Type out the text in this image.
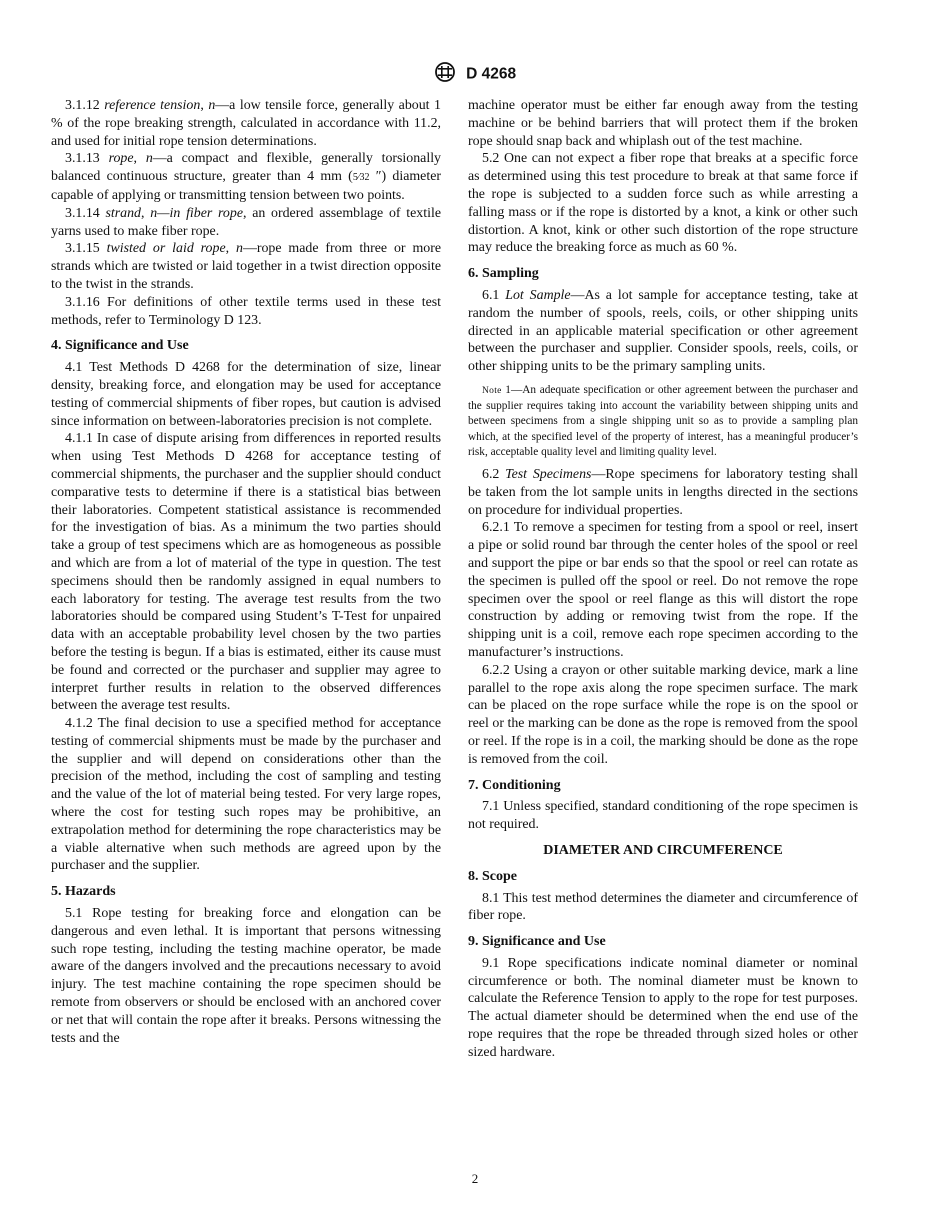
D 4268

3.1.12 reference tension, n—a low tensile force, generally about 1 % of the rope breaking strength, calculated in accordance with 11.2, and used for initial rope tension determinations.

3.1.13 rope, n—a compact and flexible, generally torsionally balanced continuous structure, greater than 4 mm (5⁄32 ″) diameter capable of applying or transmitting tension between two points.

3.1.14 strand, n—in fiber rope, an ordered assemblage of textile yarns used to make fiber rope.

3.1.15 twisted or laid rope, n—rope made from three or more strands which are twisted or laid together in a twist direction opposite to the twist in the strands.

3.1.16 For definitions of other textile terms used in these test methods, refer to Terminology D 123.

4. Significance and Use

4.1 Test Methods D 4268 for the determination of size, linear density, breaking force, and elongation may be used for acceptance testing of commercial shipments of fiber ropes, but caution is advised since information on between-laboratories precision is not complete.

4.1.1 In case of dispute arising from differences in reported results when using Test Methods D 4268 for acceptance testing of commercial shipments, the purchaser and the supplier should conduct comparative tests to determine if there is a statistical bias between their laboratories. Competent statistical assistance is recommended for the investigation of bias. As a minimum the two parties should take a group of test specimens which are as homogeneous as possible and which are from a lot of material of the type in question. The test specimens should then be randomly assigned in equal numbers to each laboratory for testing. The average test results from the two laboratories should be compared using Student’s T-Test for unpaired data with an acceptable probability level chosen by the two parties before the testing is begun. If a bias is estimated, either its cause must be found and corrected or the purchaser and supplier may agree to interpret further results in relation to the observed differences between the average test results.

4.1.2 The final decision to use a specified method for acceptance testing of commercial shipments must be made by the purchaser and the supplier and will depend on considerations other than the precision of the method, including the cost of sampling and testing and the value of the lot of material being tested. For very large ropes, where the cost for testing such ropes may be prohibitive, an extrapolation method for determining the rope characteristics may be a viable alternative when such methods are agreed upon by the purchaser and the supplier.

5. Hazards

5.1 Rope testing for breaking force and elongation can be dangerous and even lethal. It is important that persons witnessing such rope testing, including the testing machine operator, be made aware of the dangers involved and the precautions necessary to avoid injury. The test machine containing the rope specimen should be remote from observers or should be enclosed with an anchored cover or net that will contain the rope after it breaks. Persons witnessing the tests and the

machine operator must be either far enough away from the testing machine or be behind barriers that will protect them if the broken rope should snap back and whiplash out of the test machine.

5.2 One can not expect a fiber rope that breaks at a specific force as determined using this test procedure to break at that same force if the rope is subjected to a sudden force such as while arresting a falling mass or if the rope is distorted by a knot, a kink or other such distortion. A knot, kink or other such distortion of the rope structure may reduce the breaking force as much as 60 %.

6. Sampling

6.1 Lot Sample—As a lot sample for acceptance testing, take at random the number of spools, reels, coils, or other shipping units directed in an applicable material specification or other agreement between the purchaser and supplier. Consider spools, reels, coils, or other shipping units to be the primary sampling units.

Note 1—An adequate specification or other agreement between the purchaser and the supplier requires taking into account the variability between shipping units and between specimens from a single shipping unit so as to provide a sampling plan which, at the specified level of the property of interest, has a meaningful producer’s risk, acceptable quality level and limiting quality level.

6.2 Test Specimens—Rope specimens for laboratory testing shall be taken from the lot sample units in lengths directed in the sections on procedure for individual properties.

6.2.1 To remove a specimen for testing from a spool or reel, insert a pipe or solid round bar through the center holes of the spool or reel and support the pipe or bar ends so that the spool or reel can rotate as the specimen is pulled off the spool or reel. Do not remove the rope specimen over the spool or reel flange as this will distort the rope construction by adding or removing twist from the rope. If the shipping unit is a coil, remove each rope specimen according to the manufacturer’s instructions.

6.2.2 Using a crayon or other suitable marking device, mark a line parallel to the rope axis along the rope specimen surface. The mark can be placed on the rope surface while the rope is on the spool or reel or the marking can be done as the rope is removed from the spool or reel. If the rope is in a coil, the marking should be done as the rope is removed from the coil.

7. Conditioning

7.1 Unless specified, standard conditioning of the rope specimen is not required.

DIAMETER AND CIRCUMFERENCE
8. Scope

8.1 This test method determines the diameter and circumference of fiber rope.

9. Significance and Use

9.1 Rope specifications indicate nominal diameter or nominal circumference or both. The nominal diameter must be known to calculate the Reference Tension to apply to the rope for test purposes. The actual diameter should be determined when the end use of the rope requires that the rope be threaded through sized holes or other sized hardware.

2
